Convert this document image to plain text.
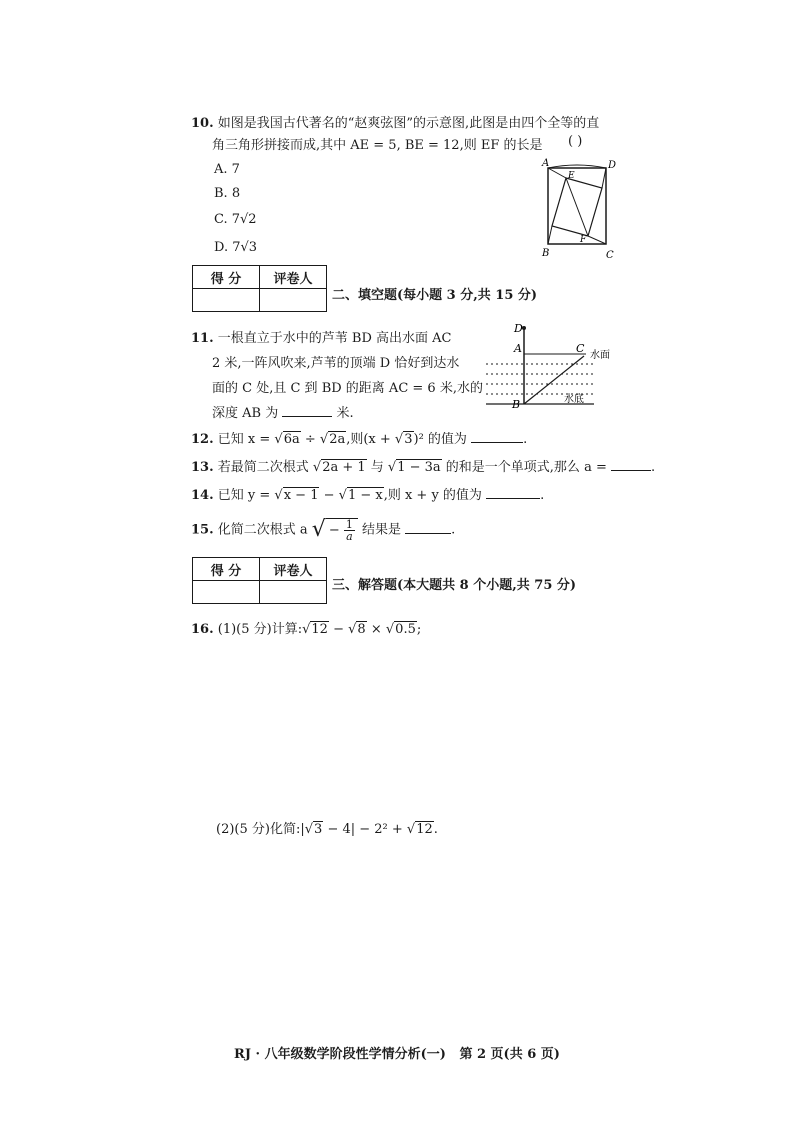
10. 如图是我国古代著名的“赵爽弦图”的示意图,此图是由四个全等的直
角三角形拼接而成,其中 AE = 5, BE = 12,则 EF 的长是 ( )
A. 7
B. 8
C. 7√2
D. 7√3
A	D
E
F
B	C
得 分	评卷人

二、填空题(每小题 3 分,共 15 分)
11. 一根直立于水中的芦苇 BD 高出水面 AC
2 米,一阵风吹来,芦苇的顶端 D 恰好到达水
面的 C 处,且 C 到 BD 的距离 AC = 6 米,水的
深度 AB 为	米.
D
A	C
水面
B	水底
12. 已知 x = √6a ÷ √2a,则(x + √3)² 的值为	.
13. 若最简二次根式 √2a + 1 与 √1 − 3a 的和是一个单项式,那么 a =	.
14. 已知 y = √x − 1 − √1 − x,则 x + y 的值为	.
15. 化简二次根式 a √ − $\frac{1}{a}$ 结果是	.
得 分	评卷人

三、解答题(本大题共 8 个小题,共 75 分)
16. (1)(5 分)计算:√12 − √8 × √0.5;
(2)(5 分)化简:|√3 − 4| − 2² + √12.
RJ · 八年级数学阶段性学情分析(一)   第 2 页(共 6 页)
